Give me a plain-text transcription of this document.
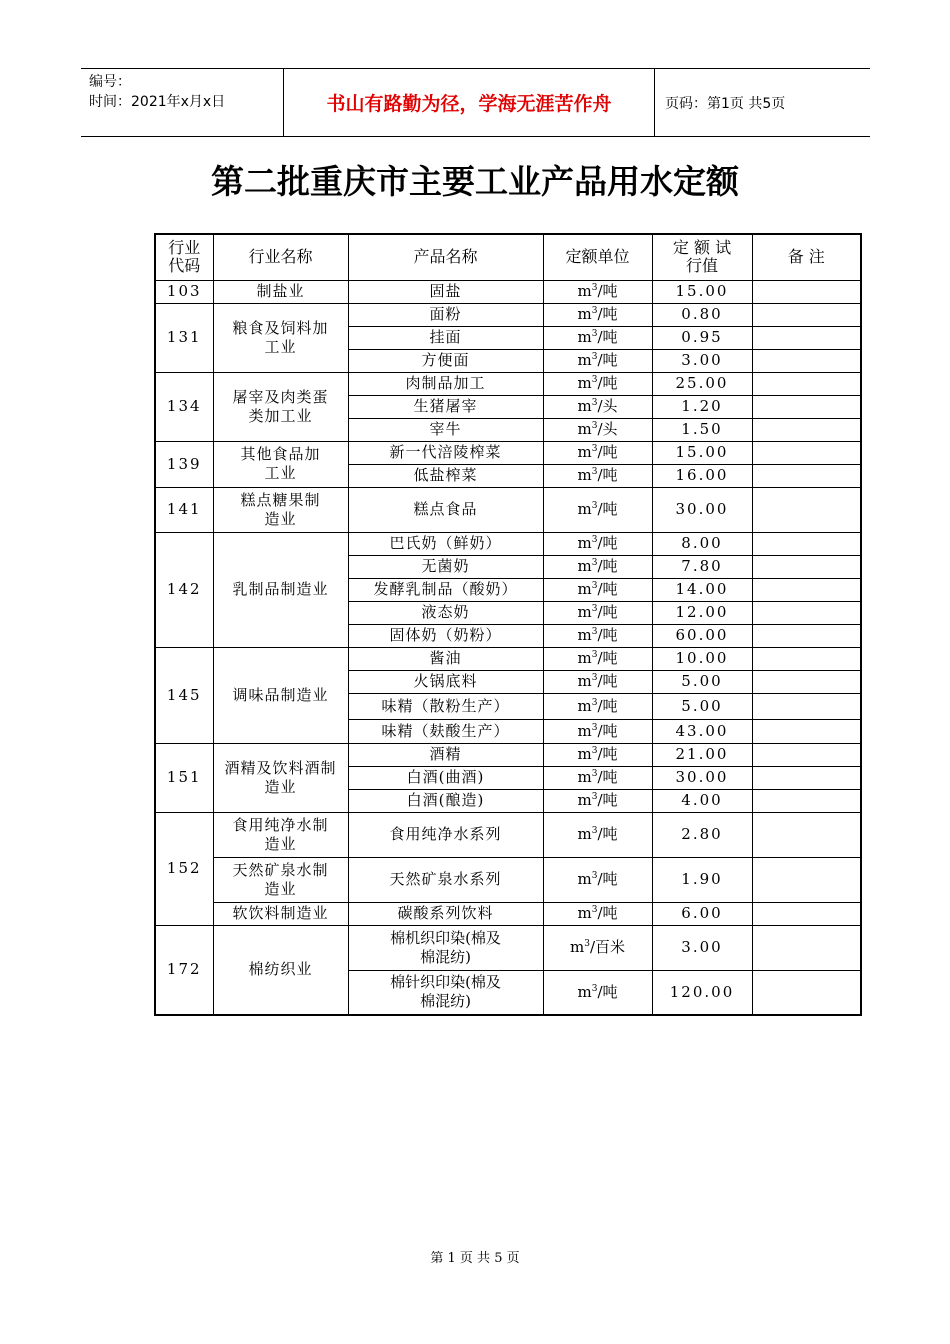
编号：
时间：2021年x月x日	书山有路勤为径，学海无涯苦作舟	页码：第1页 共5页
第二批重庆市主要工业产品用水定额
行业代码	行业名称	产品名称	定额单位	定 额 试行值	备 注
103	制盐业	固盐	$m^3/$吨	15.00	
131	粮食及饲料加工业	面粉	$m^3/$吨	0.80	
		挂面	$m^3/$吨	0.95	
		方便面	$m^3/$吨	3.00	
134	屠宰及肉类蛋类加工业	肉制品加工	$m^3/$吨	25.00	
		生猪屠宰	$m^3/$头	1.20	
		宰牛	$m^3/$头	1.50	
139	其他食品加工业	新一代涪陵榨菜	$m^3/$吨	15.00	
		低盐榨菜	$m^3/$吨	16.00	
141	糕点糖果制造业	糕点食品	$m^3/$吨	30.00	
142	乳制品制造业	巴氏奶（鲜奶）	$m^3/$吨	8.00	
		无菌奶	$m^3/$吨	7.80	
		发酵乳制品（酸奶）	$m^3/$吨	14.00	
		液态奶	$m^3/$吨	12.00	
		固体奶（奶粉）	$m^3/$吨	60.00	
145	调味品制造业	酱油	$m^3/$吨	10.00	
		火锅底料	$m^3/$吨	5.00	
		味精（散粉生产）	$m^3/$吨	5.00	
		味精（麸酸生产）	$m^3/$吨	43.00	
151	酒精及饮料酒制造业	酒精	$m^3/$吨	21.00	
		白酒(曲酒)	$m^3/$吨	30.00	
		白酒(酿造)	$m^3/$吨	4.00	
152	食用纯净水制造业	食用纯净水系列	$m^3/$吨	2.80	
	天然矿泉水制造业	天然矿泉水系列	$m^3/$吨	1.90	
	软饮料制造业	碳酸系列饮料	$m^3/$吨	6.00	
172	棉纺织业	棉机织印染(棉及棉混纺)	$m^3/$百米	3.00	
		棉针织印染(棉及棉混纺)	$m^3/$吨	120.00	
第 1 页 共 5 页
